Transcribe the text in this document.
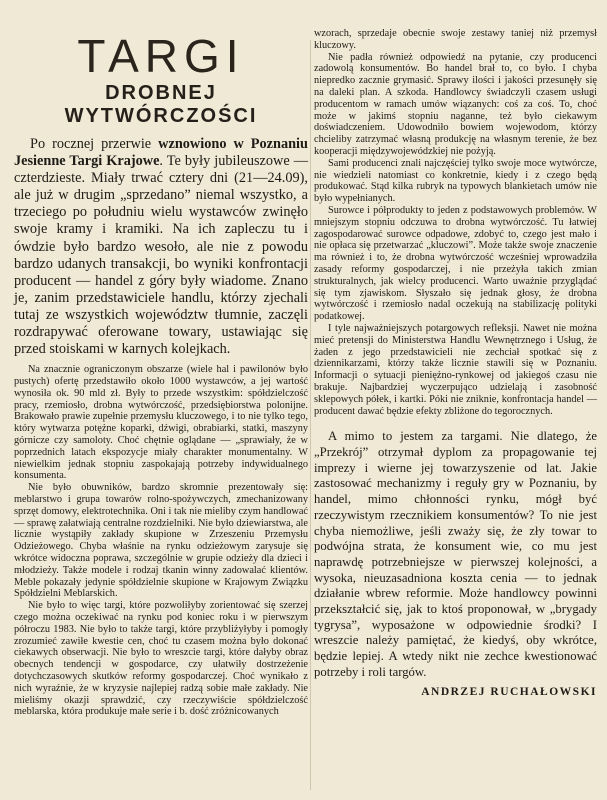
TARGI
DROBNEJ WYTWÓRCZOŚCI

Po rocznej przerwie wznowiono w Poznaniu Jesienne Targi Krajowe. Te były jubileuszowe — czterdzieste. Miały trwać cztery dni (21—24.09), ale już w drugim „sprzedano” niemal wszystko, a trzeciego po południu wielu wystawców zwinęło swoje kramy i kramiki. Na ich zapleczu tu i ówdzie było bardzo wesoło, ale nie z powodu bardzo udanych transakcji, bo wyniki konfrontacji producent — handel z góry były wiadome. Znano je, zanim przedstawiciele handlu, którzy zjechali tutaj ze wszystkich województw tłumnie, zaczęli rozdrapywać oferowane towary, ustawiając się przed stoiskami w karnych kolejkach.

Na znacznie ograniczonym obszarze (wiele hal i pawilonów było pustych) ofertę przedstawiło około 1000 wystawców, a jej wartość wynosiła ok. 90 mld zł. Były to przede wszystkim: spółdzielczość pracy, rzemiosło, drobna wytwórczość, przedsiębiorstwa polonijne. Brakowało prawie zupełnie przemysłu kluczowego, i to nie tylko tego, który wytwarza potężne koparki, dźwigi, obrabiarki, statki, maszyny górnicze czy samoloty. Choć chętnie oglądane — „sprawiały, że w poprzednich latach ekspozycje miały charakter monumentalny. W niewielkim jednak stopniu zaspokajają potrzeby indywidualnego konsumenta.

Nie było obuwników, bardzo skromnie prezentowały się: meblarstwo i grupa towarów rolno-spożywczych, zmechanizowany sprzęt domowy, elektrotechnika. Oni i tak nie mieliby czym handlować — sprawę załatwiają centralne rozdzielniki. Nie było dziewiarstwa, ale licznie wystąpiły zakłady skupione w Zrzeszeniu Przemysłu Odzieżowego. Chyba właśnie na rynku odzieżowym zarysuje się wkrótce widoczna poprawa, szczególnie w grupie odzieży dla dzieci i młodzieży. Także modele i rodzaj tkanin winny zadowalać klientów. Meble pokazały jedynie spółdzielnie skupione w Krajowym Związku Spółdzielni Meblarskich.

Nie było to więc targi, które pozwoliłyby zorientować się szerzej czego można oczekiwać na rynku pod koniec roku i w pierwszym półroczu 1983. Nie było to także targi, które przybliżyłyby i pomogły zrozumieć zawiłe kwestie cen, choć tu czasem można było dokonać ciekawych obserwacji. Nie było to wreszcie targi, które dałyby obraz obecnych tendencji w gospodarce, czy ułatwiły dostrzeżenie dotychczasowych skutków reformy gospodarczej. Choć wynikało z nich wyraźnie, że w kryzysie najlepiej radzą sobie małe zakłady. Nie mieliśmy okazji sprawdzić, czy rzeczywiście spółdzielczość meblarska, która produkuje małe serie i b. dość zróżnicowanych

wzorach, sprzedaje obecnie swoje zestawy taniej niż przemysł kluczowy.

Nie padła również odpowiedź na pytanie, czy producenci zadowolą konsumentów. Bo handel brał to, co było. I chyba niepredko zacznie grymasić. Sprawy ilości i jakości przesunęły się na daleki plan. A szkoda. Handlowcy świadczyli czasem usługi producentom w ramach umów wiązanych: coś za coś. To, choć może w jakimś stopniu naganne, też było ciekawym doświadczeniem. Udowodniło bowiem wojewodom, którzy chcieliby zatrzymać własną produkcję na własnym terenie, że bez kooperacji międzywojewódzkiej nie pożyją.

Sami producenci znali najczęściej tylko swoje moce wytwórcze, nie wiedzieli natomiast co konkretnie, kiedy i z czego będą produkować. Stąd kilka rubryk na typowych blankietach umów nie było wypełnianych.

Surowce i półprodukty to jeden z podstawowych problemów. W mniejszym stopniu odczuwa to drobna wytwórczość. Tu łatwiej zagospodarować surowce odpadowe, zdobyć to, czego jest mało i nie opłaca się przetwarzać „kluczowi”. Może także swoje znaczenie ma również i to, że drobna wytwórczość wcześniej wprowadziła zasady reformy gospodarczej, i nie przeżyła takich zmian strukturalnych, jak wielcy producenci. Warto uważnie przyglądać się tym zjawiskom. Słyszało się jednak głosy, że drobna wytwórczość i rzemiosło nadal oczekują na stabilizację polityki podatkowej.

I tyle najważniejszych potargowych refleksji. Nawet nie można mieć pretensji do Ministerstwa Handlu Wewnętrznego i Usług, że żaden z jego przedstawicieli nie zechciał spotkać się z dziennikarzami, którzy także licznie stawili się w Poznaniu. Informacji o sytuacji pieniężno-rynkowej od jakiegoś czasu nie brakuje. Najbardziej wyczerpująco udzielają i zasobność sklepowych półek, i kartki. Póki nie zniknie, konfrontacja handel — producent dawać będzie efekty zbliżone do tegorocznych.

A mimo to jestem za targami. Nie dlatego, że „Przekrój” otrzymał dyplom za propagowanie tej imprezy i wierne jej towarzyszenie od lat. Jakie zastosować mechanizmy i reguły gry w Poznaniu, by handel, mimo chłonności rynku, mógł być rzeczywistym rzecznikiem konsumentów? To nie jest chyba niemożliwe, jeśli zważy się, że zły towar to podwójna strata, że konsument wie, co mu jest naprawdę potrzebniejsze w pierwszej kolejności, a wysoka, nieuzasadniona koszta cenia — to jednak działanie wbrew reformie. Może handlowcy powinni przekształcić się, jak to ktoś proponował, w „brygady tygrysa”, wyposażone w odpowiednie środki? I wreszcie należy pamiętać, że kiedyś, oby wkrótce, będzie lepiej. A wtedy nikt nie zechce kwestionować potrzeby i roli targów.

ANDRZEJ RUCHAŁOWSKI
